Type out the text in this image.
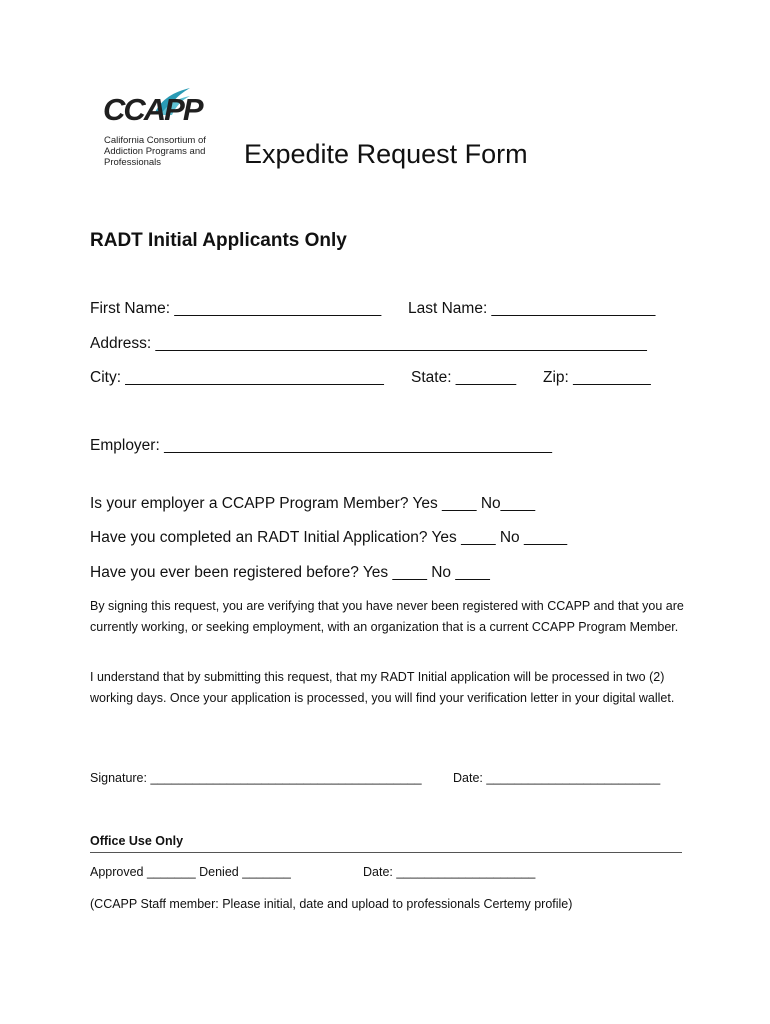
CCAPP
California Consortium of
Addiction Programs and
Professionals	Expedite Request Form
RADT Initial Applicants Only
First Name: ________________________ Last Name: ___________________
Address: _________________________________________________________
City: ______________________________ State: _______ Zip: _________
Employer: _____________________________________________
Is your employer a CCAPP Program Member? Yes ____ No____
Have you completed an RADT Initial Application? Yes ____ No _____
Have you ever been registered before? Yes ____ No ____
By signing this request, you are verifying that you have never been registered with CCAPP and that you are currently working, or seeking employment, with an organization that is a current CCAPP Program Member.
I understand that by submitting this request, that my RADT Initial application will be processed in two (2) working days. Once your application is processed, you will find your verification letter in your digital wallet.
Signature: _______________________________________	Date: _________________________
Office Use Only
Approved _______ Denied _______	Date: ____________________
(CCAPP Staff member: Please initial, date and upload to professionals Certemy profile)
